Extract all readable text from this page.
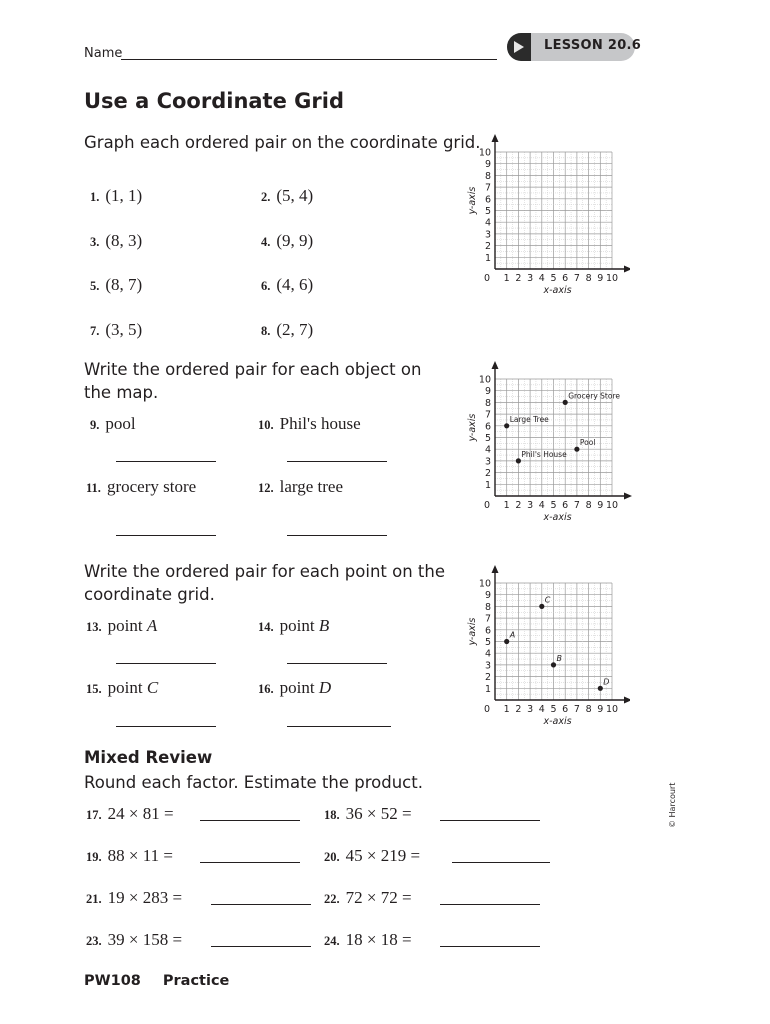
Name
LESSON 20.6
Use a Coordinate Grid
Graph each ordered pair on the coordinate grid.
1. (1, 1)	2. (5, 4)
3. (8, 3)	4. (9, 9)
5. (8, 7)	6. (4, 6)
7. (3, 5)	8. (2, 7)
Write the ordered pair for each object on
the map.
9. pool	10. Phil's house
11. grocery store	12. large tree
Write the ordered pair for each point on the
coordinate grid.
13. point A	14. point B
15. point C	16. point D
Mixed Review
Round each factor. Estimate the product.
17. 24 × 81 =	18. 36 × 52 =
19. 88 × 11 =	20. 45 × 219 =
21. 19 × 283 =	22. 72 × 72 =
23. 39 × 158 =	24. 18 × 18 =
PW108 Practice
© Harcourt
0 1
1
2
2
3
3
4
4
5
5
6
6
7
7
8
8
9
9
10
10
x-axis
y-axis
0 1
1
2
2
3
3
4
4
5
5
6
6
7
7
8
8
9
9
10
10
x-axis
y-axis
Grocery Store
Large Tree
Pool
Phil's House
0 1
1
2
2
3
3
4
4
5
5
6
6
7
7
8
8
9
9
10
10
x-axis
y-axis
C
A
B
D
